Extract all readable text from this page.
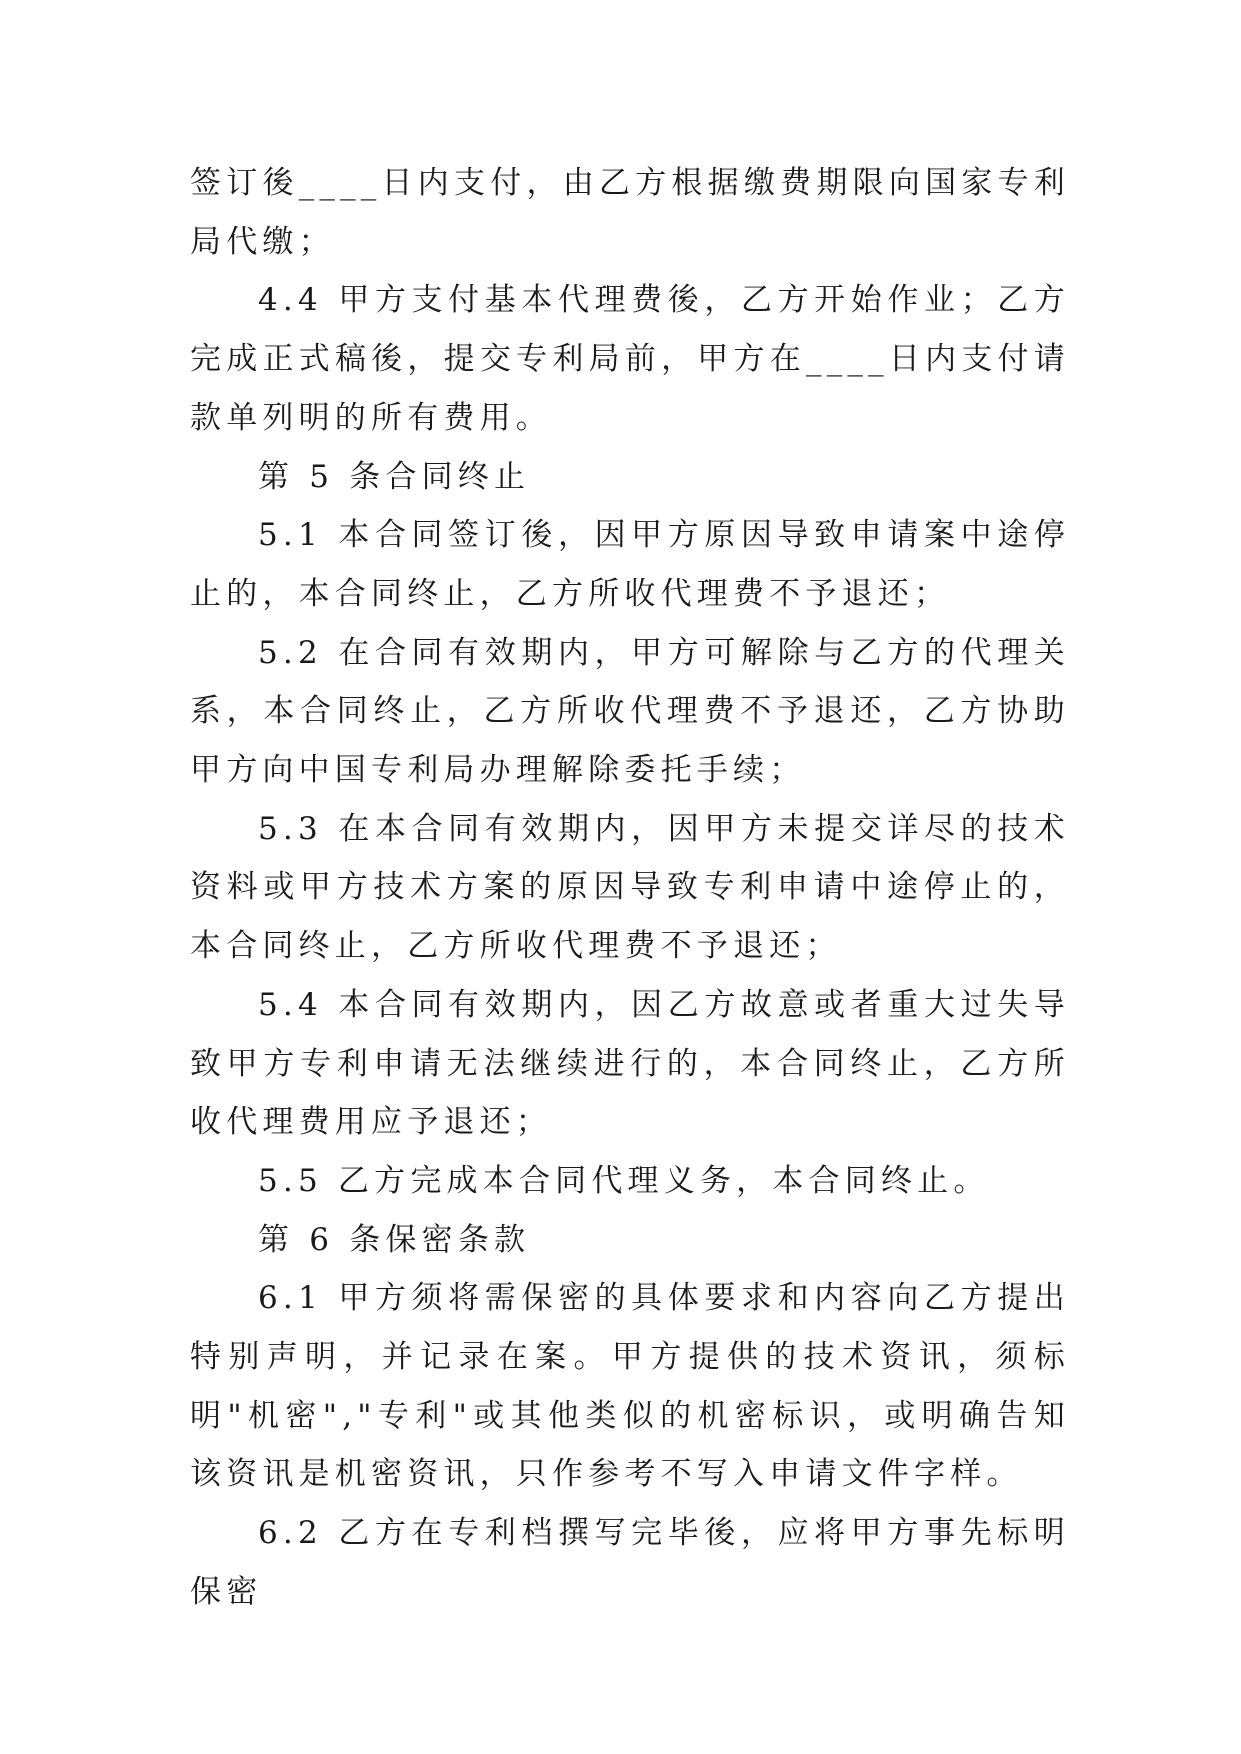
签订後____日内支付，由乙方根据缴费期限向国家专利局代缴；

4.4 甲方支付基本代理费後，乙方开始作业；乙方完成正式稿後，提交专利局前，甲方在____日内支付请款单列明的所有费用。

第 5 条合同终止

5.1 本合同签订後，因甲方原因导致申请案中途停止的，本合同终止，乙方所收代理费不予退还；

5.2 在合同有效期内，甲方可解除与乙方的代理关系，本合同终止，乙方所收代理费不予退还，乙方协助甲方向中国专利局办理解除委托手续；

5.3 在本合同有效期内，因甲方未提交详尽的技术资料或甲方技术方案的原因导致专利申请中途停止的，本合同终止，乙方所收代理费不予退还；

5.4 本合同有效期内，因乙方故意或者重大过失导致甲方专利申请无法继续进行的，本合同终止，乙方所收代理费用应予退还；

5.5 乙方完成本合同代理义务，本合同终止。

第 6 条保密条款

6.1 甲方须将需保密的具体要求和内容向乙方提出特别声明，并记录在案。甲方提供的技术资讯，须标明"机密","专利"或其他类似的机密标识，或明确告知该资讯是机密资讯，只作参考不写入申请文件字样。

6.2 乙方在专利档撰写完毕後，应将甲方事先标明保密
